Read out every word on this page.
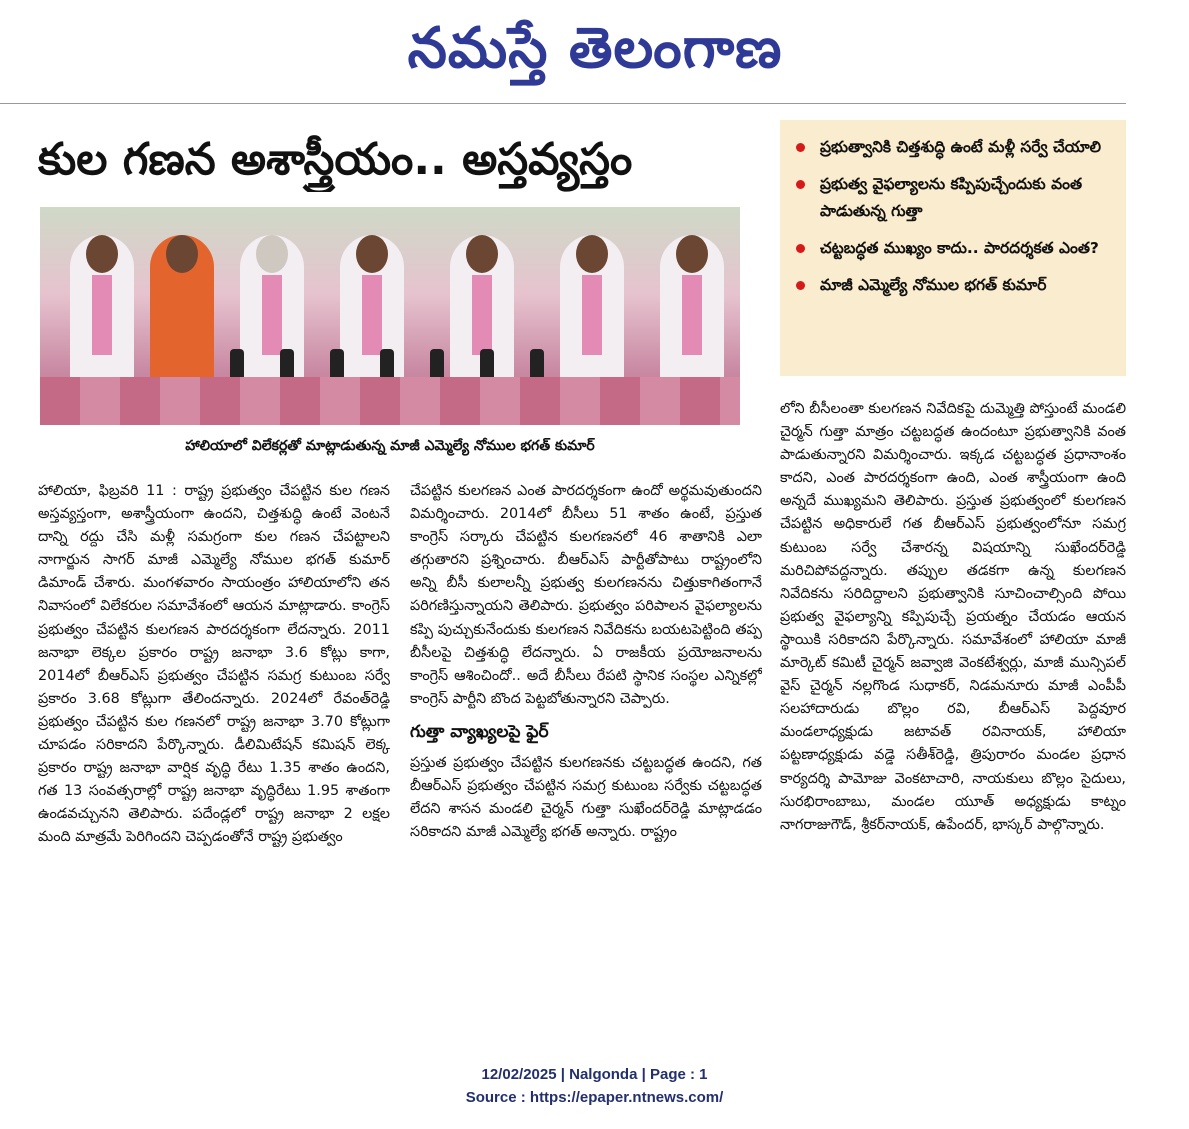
నమస్తే తెలంగాణ
కుల గణన అశాస్త్రీయం.. అస్తవ్యస్తం
హాలియాలో విలేకర్లతో మాట్లాడుతున్న మాజీ ఎమ్మెల్యే నోముల భగత్ కుమార్
ప్రభుత్వానికి చిత్తశుద్ధి ఉంటే మళ్లీ సర్వే చేయాలి
ప్రభుత్వ వైఫల్యాలను కప్పిపుచ్చేందుకు వంత పాడుతున్న గుత్తా
చట్టబద్ధత ముఖ్యం కాదు.. పారదర్శకత ఎంత?
మాజీ ఎమ్మెల్యే నోముల భగత్ కుమార్
హాలియా, ఫిబ్రవరి 11 : రాష్ట్ర ప్రభుత్వం చేపట్టిన కుల గణన అస్తవ్యస్తంగా, అశాస్త్రీయంగా ఉందని, చిత్తశుద్ధి ఉంటే వెంటనే దాన్ని రద్దు చేసి మళ్లీ సమగ్రంగా కుల గణన చేపట్టాలని నాగార్జున సాగర్ మాజీ ఎమ్మెల్యే నోముల భగత్ కుమార్ డిమాండ్ చేశారు. మంగళవారం సాయంత్రం హాలియాలోని తన నివాసంలో విలేకరుల సమావేశంలో ఆయన మాట్లాడారు. కాంగ్రెస్ ప్రభుత్వం చేపట్టిన కులగణన పారదర్శకంగా లేదన్నారు. 2011 జనాభా లెక్కల ప్రకారం రాష్ట్ర జనాభా 3.6 కోట్లు కాగా, 2014లో బీఆర్ఎస్ ప్రభుత్వం చేపట్టిన సమగ్ర కుటుంబ సర్వే ప్రకారం 3.68 కోట్లుగా తేలిందన్నారు. 2024లో రేవంత్‌రెడ్డి ప్రభుత్వం చేపట్టిన కుల గణనలో రాష్ట్ర జనాభా 3.70 కోట్లుగా చూపడం సరికాదని పేర్కొన్నారు. డీలిమిటేషన్ కమిషన్ లెక్క ప్రకారం రాష్ట్ర జనాభా వార్షిక వృద్ధి రేటు 1.35 శాతం ఉందని, గత 13 సంవత్సరాల్లో రాష్ట్ర జనాభా వృద్ధిరేటు 1.95 శాతంగా ఉండవచ్చునని తెలిపారు. పదేండ్లలో రాష్ట్ర జనాభా 2 లక్షల మంది మాత్రమే పెరిగిందని చెప్పడంతోనే రాష్ట్ర ప్రభుత్వం
చేపట్టిన కులగణన ఎంత పారదర్శకంగా ఉందో అర్థమవుతుందని విమర్శించారు. 2014లో బీసీలు 51 శాతం ఉంటే, ప్రస్తుత కాంగ్రెస్ సర్కారు చేపట్టిన కులగణనలో 46 శాతానికి ఎలా తగ్గుతారని ప్రశ్నించారు. బీఆర్ఎస్ పార్టీతోపాటు రాష్ట్రంలోని అన్ని బీసీ కులాలన్నీ ప్రభుత్వ కులగణనను చిత్తుకాగితంగానే పరిగణిస్తున్నాయని తెలిపారు. ప్రభుత్వం పరిపాలన వైఫల్యాలను కప్పి పుచ్చుకునేందుకు కులగణన నివేదికను బయటపెట్టింది తప్ప బీసీలపై చిత్తశుద్ధి లేదన్నారు. ఏ రాజకీయ ప్రయోజనాలను కాంగ్రెస్ ఆశించిందో.. అదే బీసీలు రేపటి స్థానిక సంస్థల ఎన్నికల్లో కాంగ్రెస్ పార్టీని బొంద పెట్టబోతున్నారని చెప్పారు.
గుత్తా వ్యాఖ్యలపై ఫైర్
ప్రస్తుత ప్రభుత్వం చేపట్టిన కులగణనకు చట్టబద్ధత ఉందని, గత బీఆర్ఎస్ ప్రభుత్వం చేపట్టిన సమగ్ర కుటుంబ సర్వేకు చట్టబద్ధత లేదని శాసన మండలి చైర్మన్ గుత్తా సుఖేందర్‌రెడ్డి మాట్లాడడం సరికాదని మాజీ ఎమ్మెల్యే భగత్ అన్నారు. రాష్ట్రం
లోని బీసీలంతా కులగణన నివేదికపై దుమ్మెత్తి పోస్తుంటే మండలి చైర్మన్ గుత్తా మాత్రం చట్టబద్ధత ఉందంటూ ప్రభుత్వానికి వంత పాడుతున్నారని విమర్శించారు. ఇక్కడ చట్టబద్ధత ప్రధానాంశం కాదని, ఎంత పారదర్శకంగా ఉంది, ఎంత శాస్త్రీయంగా ఉంది అన్నదే ముఖ్యమని తెలిపారు. ప్రస్తుత ప్రభుత్వంలో కులగణన చేపట్టిన అధికారులే గత బీఆర్ఎస్ ప్రభుత్వంలోనూ సమగ్ర కుటుంబ సర్వే చేశారన్న విషయాన్ని సుఖేందర్‌రెడ్డి మరిచిపోవద్దన్నారు. తప్పుల తడకగా ఉన్న కులగణన నివేదికను సరిదిద్దాలని ప్రభుత్వానికి సూచించాల్సింది పోయి ప్రభుత్వ వైఫల్యాన్ని కప్పిపుచ్చే ప్రయత్నం చేయడం ఆయన స్థాయికి సరికాదని పేర్కొన్నారు. సమావేశంలో హాలియా మాజీ మార్కెట్ కమిటీ చైర్మన్ జవ్వాజి వెంకటేశ్వర్లు, మాజీ మున్సిపల్ వైస్ చైర్మన్ నల్లగొండ సుధాకర్, నిడమనూరు మాజీ ఎంపీపీ సలహాదారుడు బొల్లం రవి, బీఆర్ఎస్ పెద్దవూర మండలాధ్యక్షుడు జటావత్ రవినాయక్, హాలియా పట్టణాధ్యక్షుడు వడ్డె సతీశ్‌రెడ్డి, త్రిపురారం మండల ప్రధాన కార్యదర్శి పామోజు వెంకటాచారి, నాయకులు బొల్లం సైదులు, సురభిరాంబాబు, మండల యూత్ అధ్యక్షుడు కాట్నం నాగరాజుగౌడ్, శ్రీకర్‌నాయక్, ఉపేందర్, భాస్కర్ పాల్గొన్నారు.
12/02/2025 | Nalgonda | Page : 1
Source : https://epaper.ntnews.com/
